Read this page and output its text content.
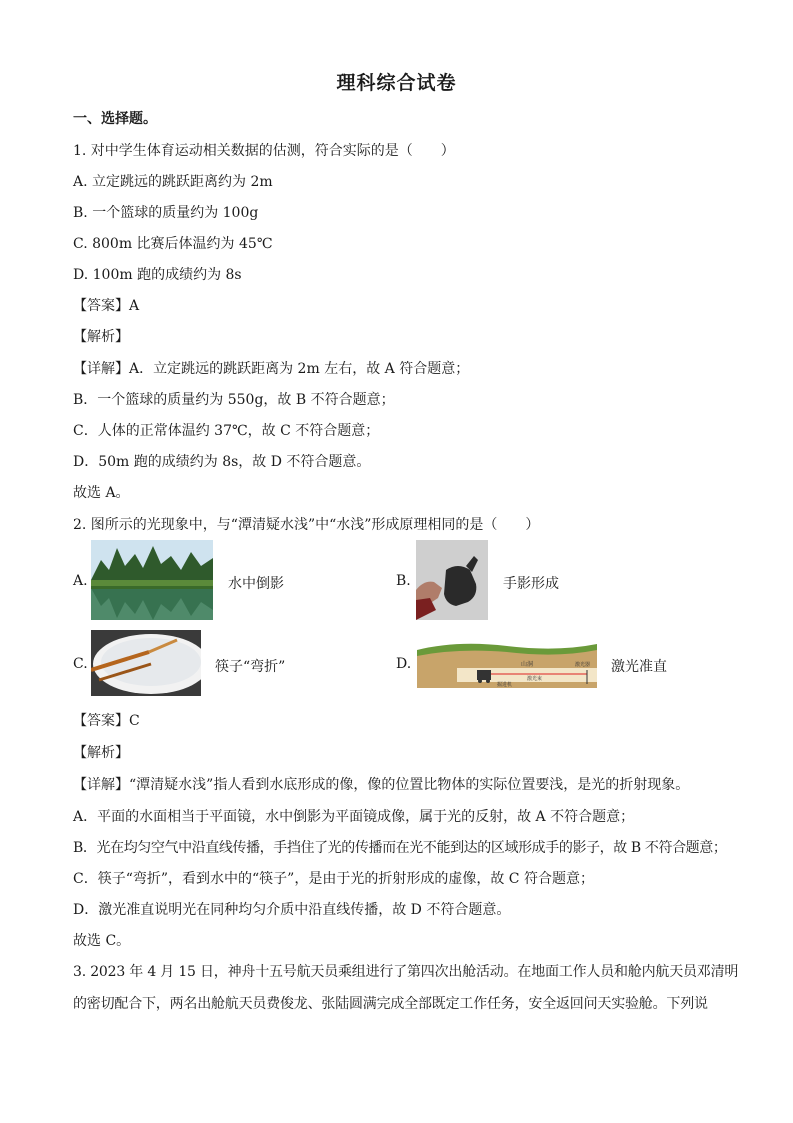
理科综合试卷
一、选择题。
1. 对中学生体育运动相关数据的估测，符合实际的是（　　）
A. 立定跳远的跳跃距离约为 2m
B. 一个篮球的质量约为 100g
C. 800m 比赛后体温约为 45℃
D. 100m 跑的成绩约为 8s
【答案】A
【解析】
【详解】A．立定跳远的跳跃距离为 2m 左右，故 A 符合题意；
B．一个篮球的质量约为 550g，故 B 不符合题意；
C．人体的正常体温约 37℃，故 C 不符合题意；
D．50m 跑的成绩约为 8s，故 D 不符合题意。
故选 A。
2. 图所示的光现象中，与“潭清疑水浅”中“水浅”形成原理相同的是（　　）
A.	水中倒影	B.	手影形成
C.	筷子“弯折”	D.	山洞
激光束
掘进机
激光器 激光准直
【答案】C
【解析】
【详解】“潭清疑水浅”指人看到水底形成的像，像的位置比物体的实际位置要浅，是光的折射现象。
A．平面的水面相当于平面镜，水中倒影为平面镜成像，属于光的反射，故 A 不符合题意；
B．光在均匀空气中沿直线传播，手挡住了光的传播而在光不能到达的区域形成手的影子，故 B 不符合题意；
C．筷子“弯折”，看到水中的“筷子”，是由于光的折射形成的虚像，故 C 符合题意；
D．激光准直说明光在同种均匀介质中沿直线传播，故 D 不符合题意。
故选 C。
3. 2023 年 4 月 15 日，神舟十五号航天员乘组进行了第四次出舱活动。在地面工作人员和舱内航天员邓清明
的密切配合下，两名出舱航天员费俊龙、张陆圆满完成全部既定工作任务，安全返回问天实验舱。下列说
